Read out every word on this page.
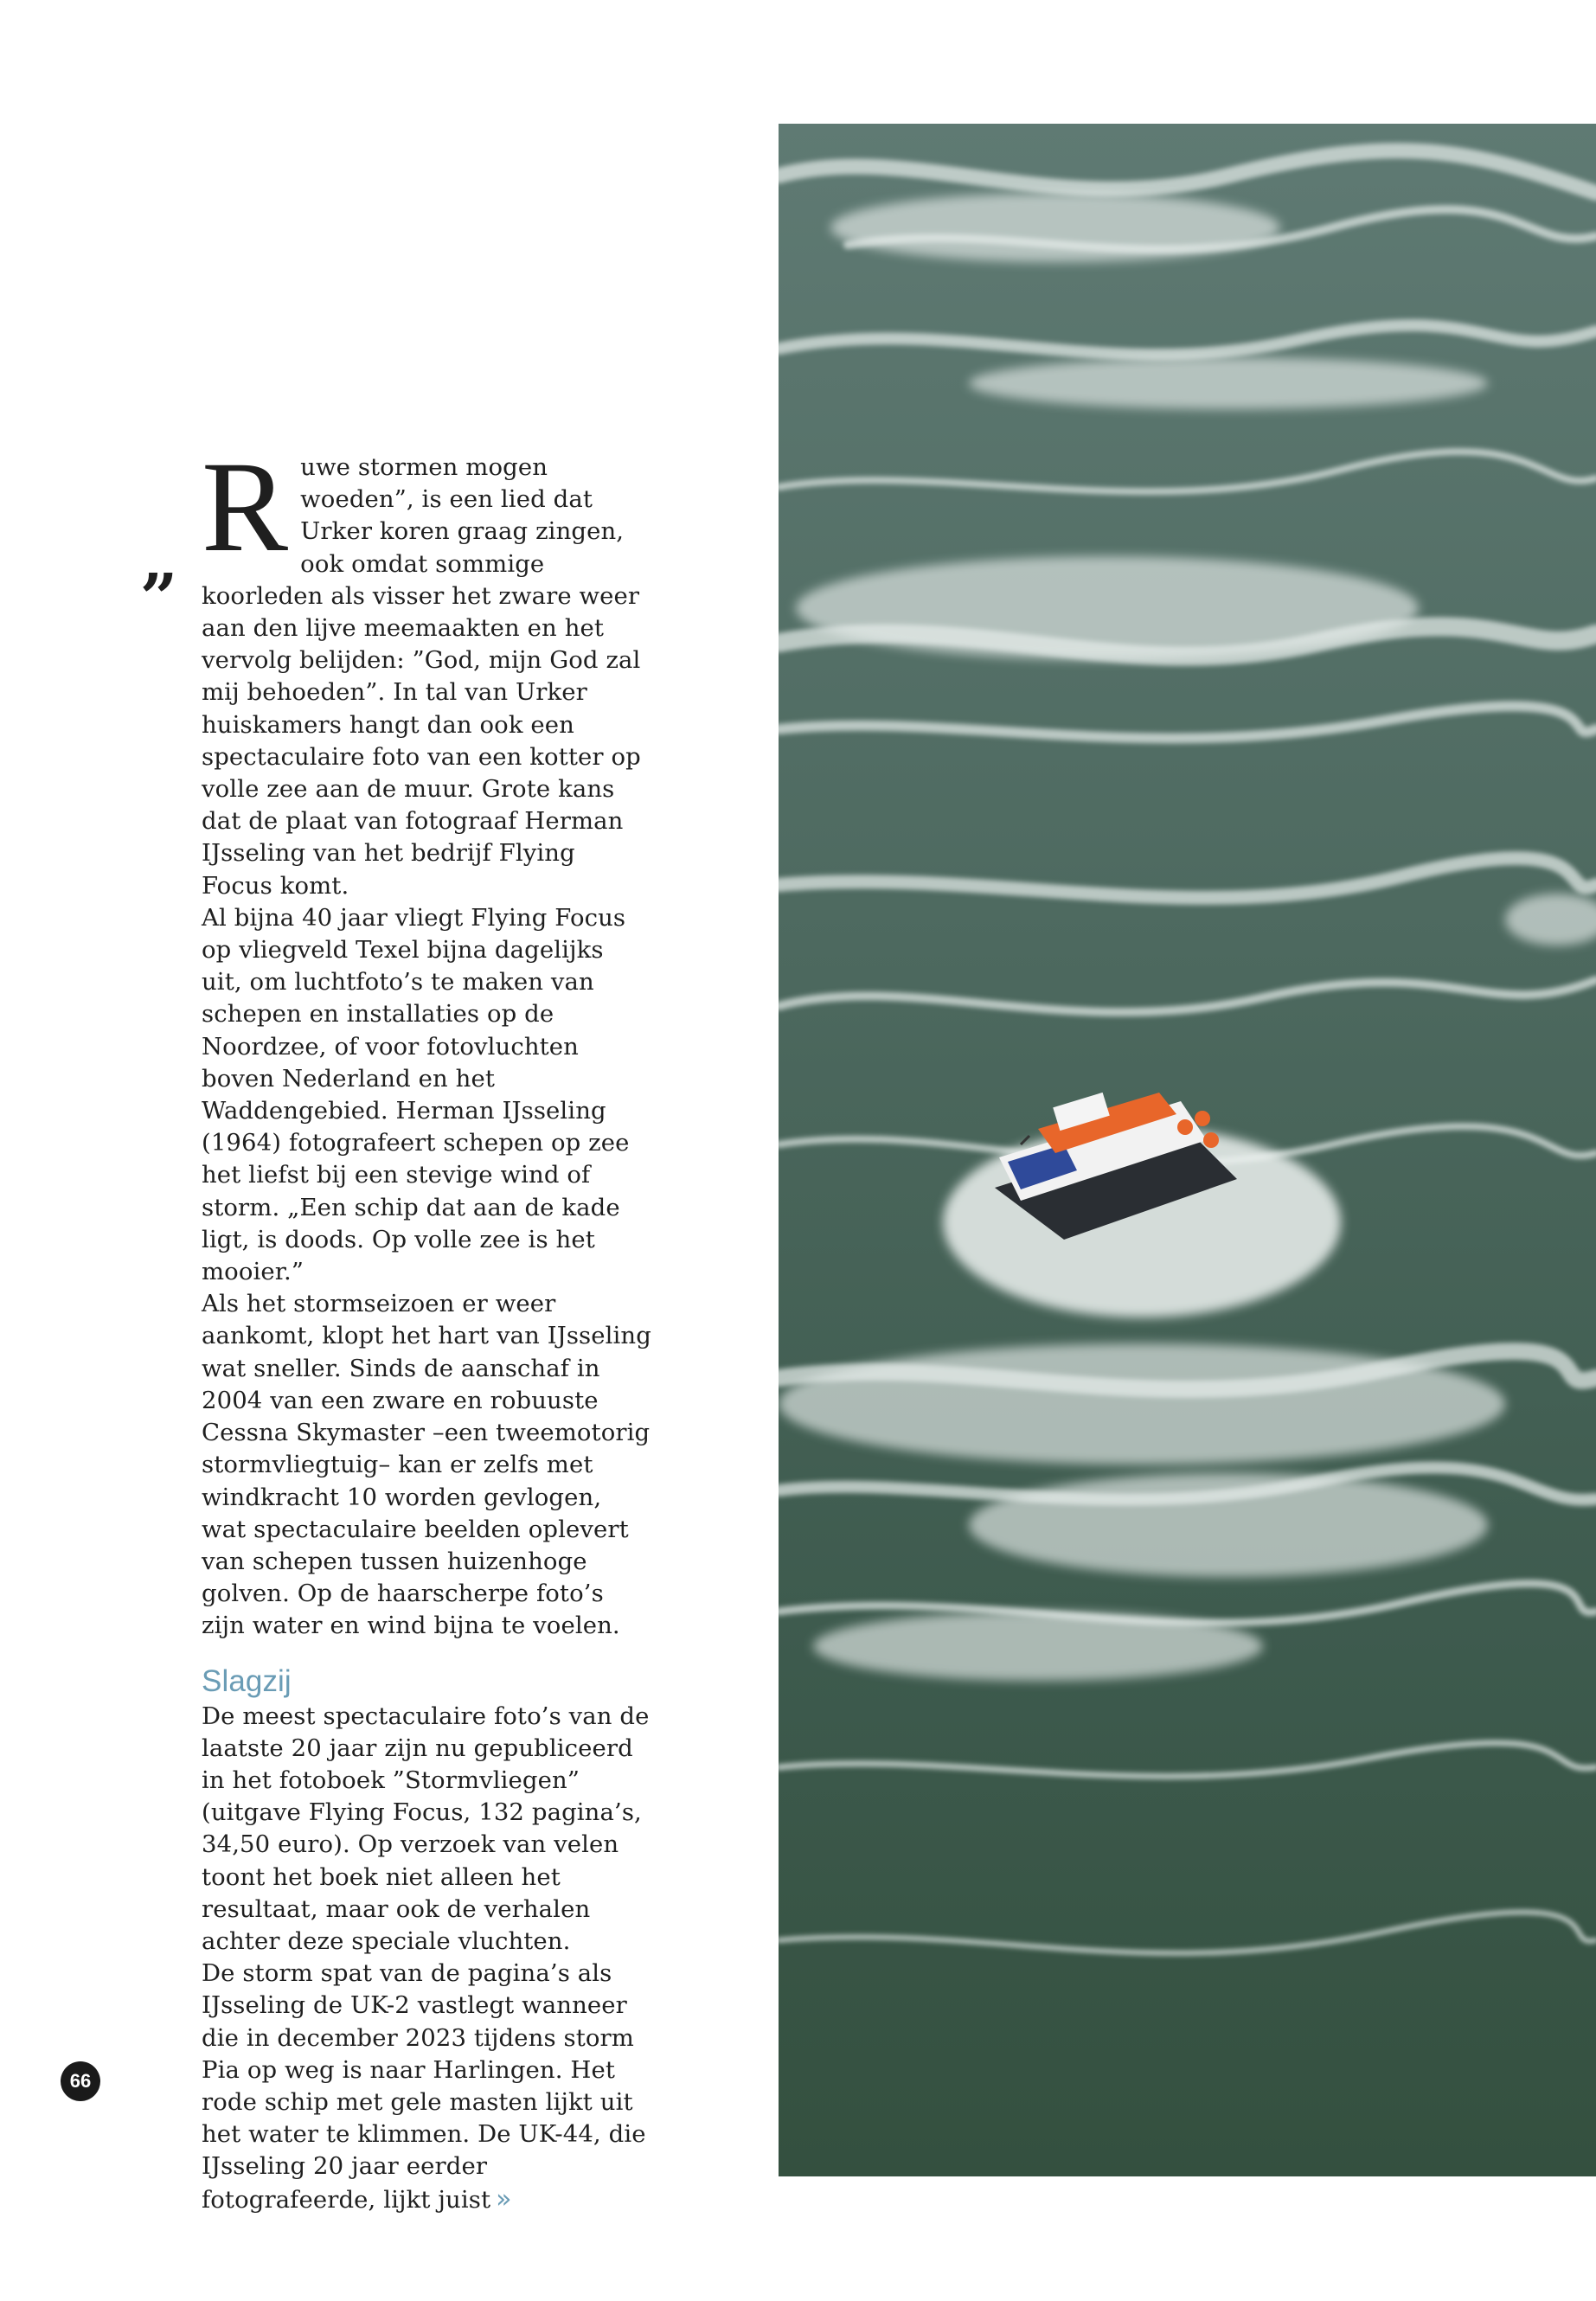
„ Ruwe stormen mogen woeden”, is een lied dat Urker koren graag zingen, ook omdat sommige koorleden als visser het zware weer aan den lijve meemaakten en het vervolg belijden: ”God, mijn God zal mij behoeden”. In tal van Urker huiskamers hangt dan ook een spectaculaire foto van een kotter op volle zee aan de muur. Grote kans dat de plaat van fotograaf Herman IJsseling van het bedrijf Flying Focus komt.

Al bijna 40 jaar vliegt Flying Focus op vliegveld Texel bijna dagelijks uit, om luchtfoto’s te maken van schepen en installaties op de Noordzee, of voor fotovluchten boven Nederland en het Waddengebied. Herman IJsseling (1964) fotografeert schepen op zee het liefst bij een stevige wind of storm. „Een schip dat aan de kade ligt, is doods. Op volle zee is het mooier.”

Als het stormseizoen er weer aankomt, klopt het hart van IJsseling wat sneller. Sinds de aanschaf in 2004 van een zware en robuuste Cessna Skymaster –een tweemotorig stormvliegtuig– kan er zelfs met windkracht 10 worden gevlogen, wat spectaculaire beelden oplevert van schepen tussen huizenhoge golven. Op de haarscherpe foto’s zijn water en wind bijna te voelen.

Slagzij

De meest spectaculaire foto’s van de laatste 20 jaar zijn nu gepubliceerd in het fotoboek ”Stormvliegen” (uitgave Flying Focus, 132 pagina’s, 34,50 euro). Op verzoek van velen toont het boek niet alleen het resultaat, maar ook de verhalen achter deze speciale vluchten.

De storm spat van de pagina’s als IJsseling de UK-2 vastlegt wanneer die in december 2023 tijdens storm Pia op weg is naar Harlingen. Het rode schip met gele masten lijkt uit het water te klimmen. De UK-44, die IJsseling 20 jaar eerder fotografeerde, lijkt juist »

66
